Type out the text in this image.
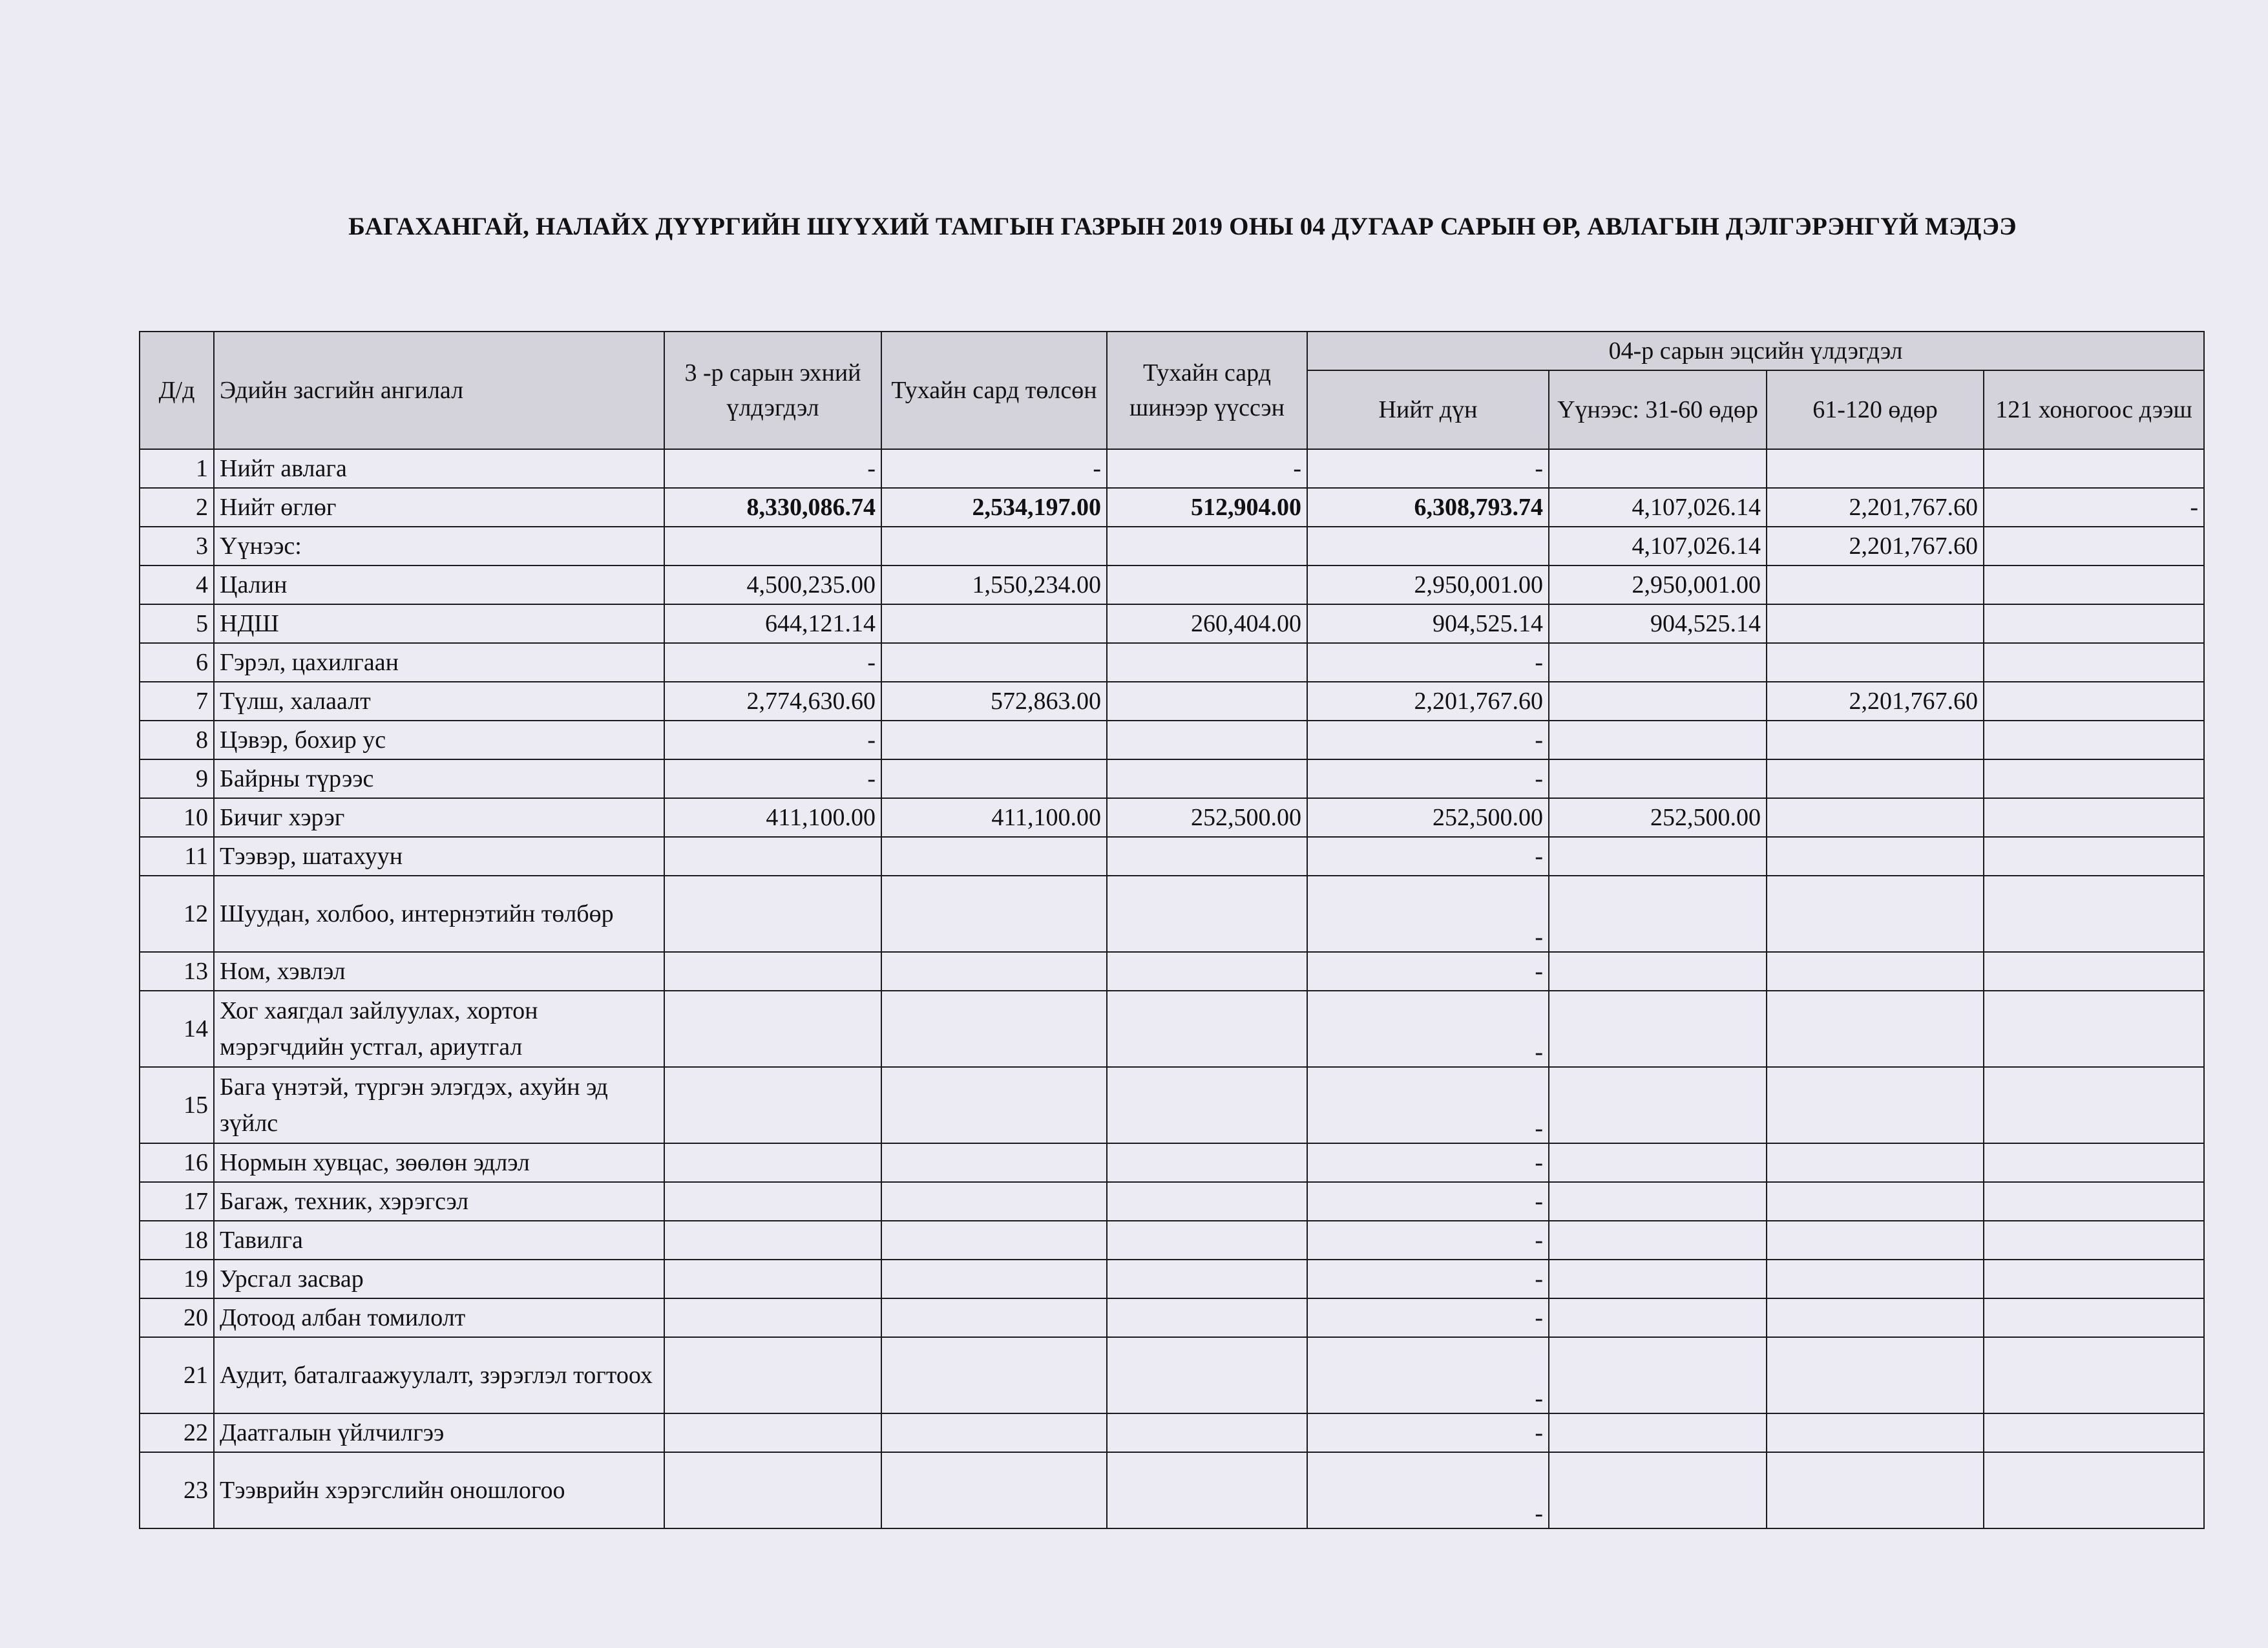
БАГАХАНГАЙ, НАЛАЙХ ДҮҮРГИЙН ШҮҮХИЙ ТАМГЫН ГАЗРЫН 2019 ОНЫ 04 ДУГААР САРЫН ӨР, АВЛАГЫН ДЭЛГЭРЭНГҮЙ МЭДЭЭ
Д/д	Эдийн засгийн ангилал	3 -р сарын эхний үлдэгдэл	Тухайн сард төлсөн	Тухайн сард шинээр үүссэн	04-р сарын эцсийн үлдэгдэл			
					Нийт дүн	Үүнээс: 31-60 өдөр	61-120 өдөр	121 хоногоос дээш
1	Нийт авлага	-	-	-	-			
2	Нийт өглөг	8,330,086.74	2,534,197.00	512,904.00	6,308,793.74	4,107,026.14	2,201,767.60	-
3	Үүнээс:					4,107,026.14	2,201,767.60	
4	Цалин	4,500,235.00	1,550,234.00		2,950,001.00	2,950,001.00		
5	НДШ	644,121.14		260,404.00	904,525.14	904,525.14		
6	Гэрэл, цахилгаан	-			-			
7	Түлш, халаалт	2,774,630.60	572,863.00		2,201,767.60		2,201,767.60	
8	Цэвэр, бохир ус	-			-			
9	Байрны түрээс	-			-			
10	Бичиг хэрэг	411,100.00	411,100.00	252,500.00	252,500.00	252,500.00		
11	Тээвэр, шатахуун				-			
12	Шуудан, холбоо, интернэтийн төлбөр				-			
13	Ном, хэвлэл				-			
14	Хог хаягдал зайлуулах, хортон мэрэгчдийн устгал, ариутгал				-			
15	Бага үнэтэй, түргэн элэгдэх, ахуйн эд зүйлс				-			
16	Нормын хувцас, зөөлөн эдлэл				-			
17	Багаж, техник, хэрэгсэл				-			
18	Тавилга				-			
19	Урсгал засвар				-			
20	Дотоод албан томилолт				-			
21	Аудит, баталгаажуулалт, зэрэглэл тогтоох				-			
22	Даатгалын үйлчилгээ				-			
23	Тээврийн хэрэгслийн оношлогоо				-			
